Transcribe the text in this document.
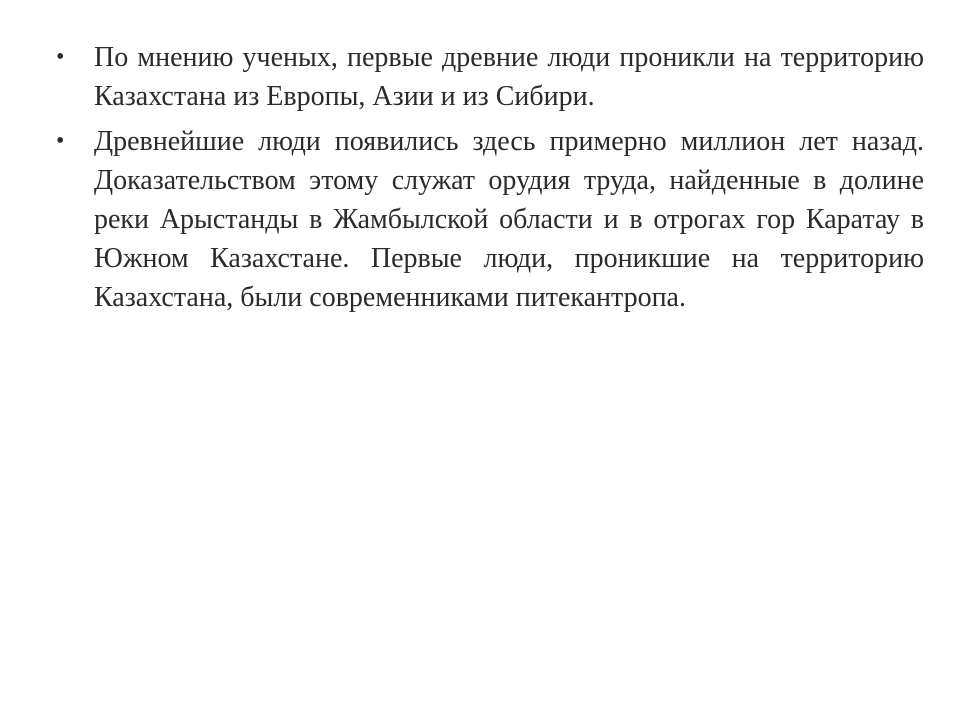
•	По мнению ученых, первые древние люди проникли на территорию Казахстана из Европы, Азии и из Сибири.
•	Древнейшие люди появились здесь примерно миллион лет назад. Доказательством этому служат орудия труда, найденные в долине реки Арыстанды в Жамбылской области и в отрогах гор Каратау в Южном Казахстане. Первые люди, проникшие на территорию Казахстана, были современниками питекантропа.
